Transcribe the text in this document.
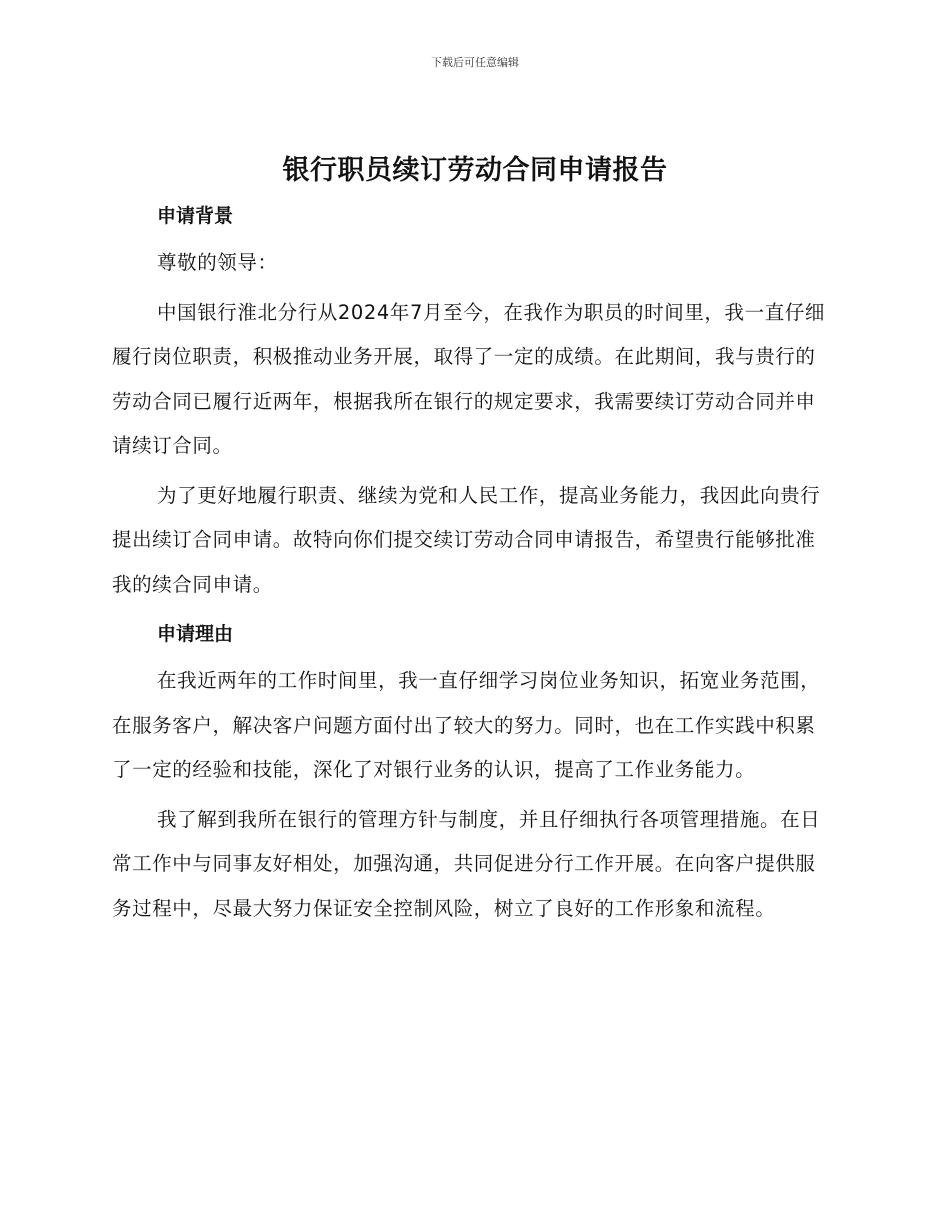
下载后可任意编辑
银行职员续订劳动合同申请报告
申请背景

尊敬的领导：

中国银行淮北分行从2024年7月至今，在我作为职员的时间里，我一直仔细履行岗位职责，积极推动业务开展，取得了一定的成绩。在此期间，我与贵行的劳动合同已履行近两年，根据我所在银行的规定要求，我需要续订劳动合同并申请续订合同。

为了更好地履行职责、继续为党和人民工作，提高业务能力，我因此向贵行提出续订合同申请。故特向你们提交续订劳动合同申请报告，希望贵行能够批准我的续合同申请。

申请理由

在我近两年的工作时间里，我一直仔细学习岗位业务知识，拓宽业务范围，在服务客户，解决客户问题方面付出了较大的努力。同时，也在工作实践中积累了一定的经验和技能，深化了对银行业务的认识，提高了工作业务能力。

我了解到我所在银行的管理方针与制度，并且仔细执行各项管理措施。在日常工作中与同事友好相处，加强沟通，共同促进分行工作开展。在向客户提供服务过程中，尽最大努力保证安全控制风险，树立了良好的工作形象和流程。
